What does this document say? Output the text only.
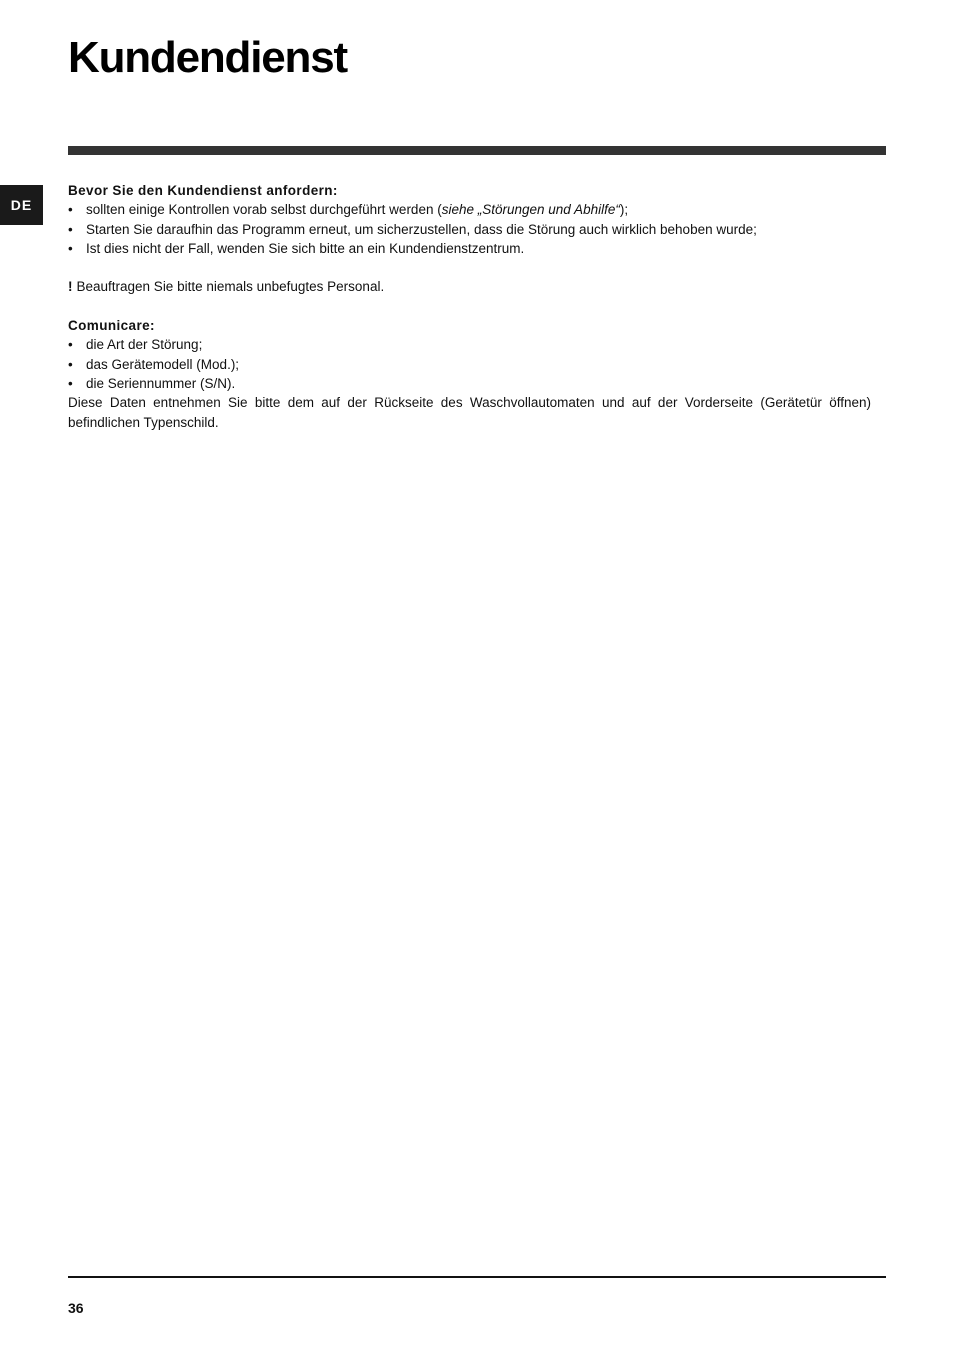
Kundendienst
DE

Bevor Sie den Kundendienst anfordern:

• sollten einige Kontrollen vorab selbst durchgeführt werden (siehe „Störungen und Abhilfe“);
• Starten Sie daraufhin das Programm erneut, um sicherzustellen, dass die Störung auch wirklich behoben wurde;
• Ist dies nicht der Fall, wenden Sie sich bitte an ein Kundendienstzentrum.

! Beauftragen Sie bitte niemals unbefugtes Personal.

Comunicare:

• die Art der Störung;
• das Gerätemodell (Mod.);
• die Seriennummer (S/N).

Diese Daten entnehmen Sie bitte dem auf der Rückseite des Waschvollautomaten und auf der Vorderseite (Gerätetür öffnen) befindlichen Typenschild.

36
